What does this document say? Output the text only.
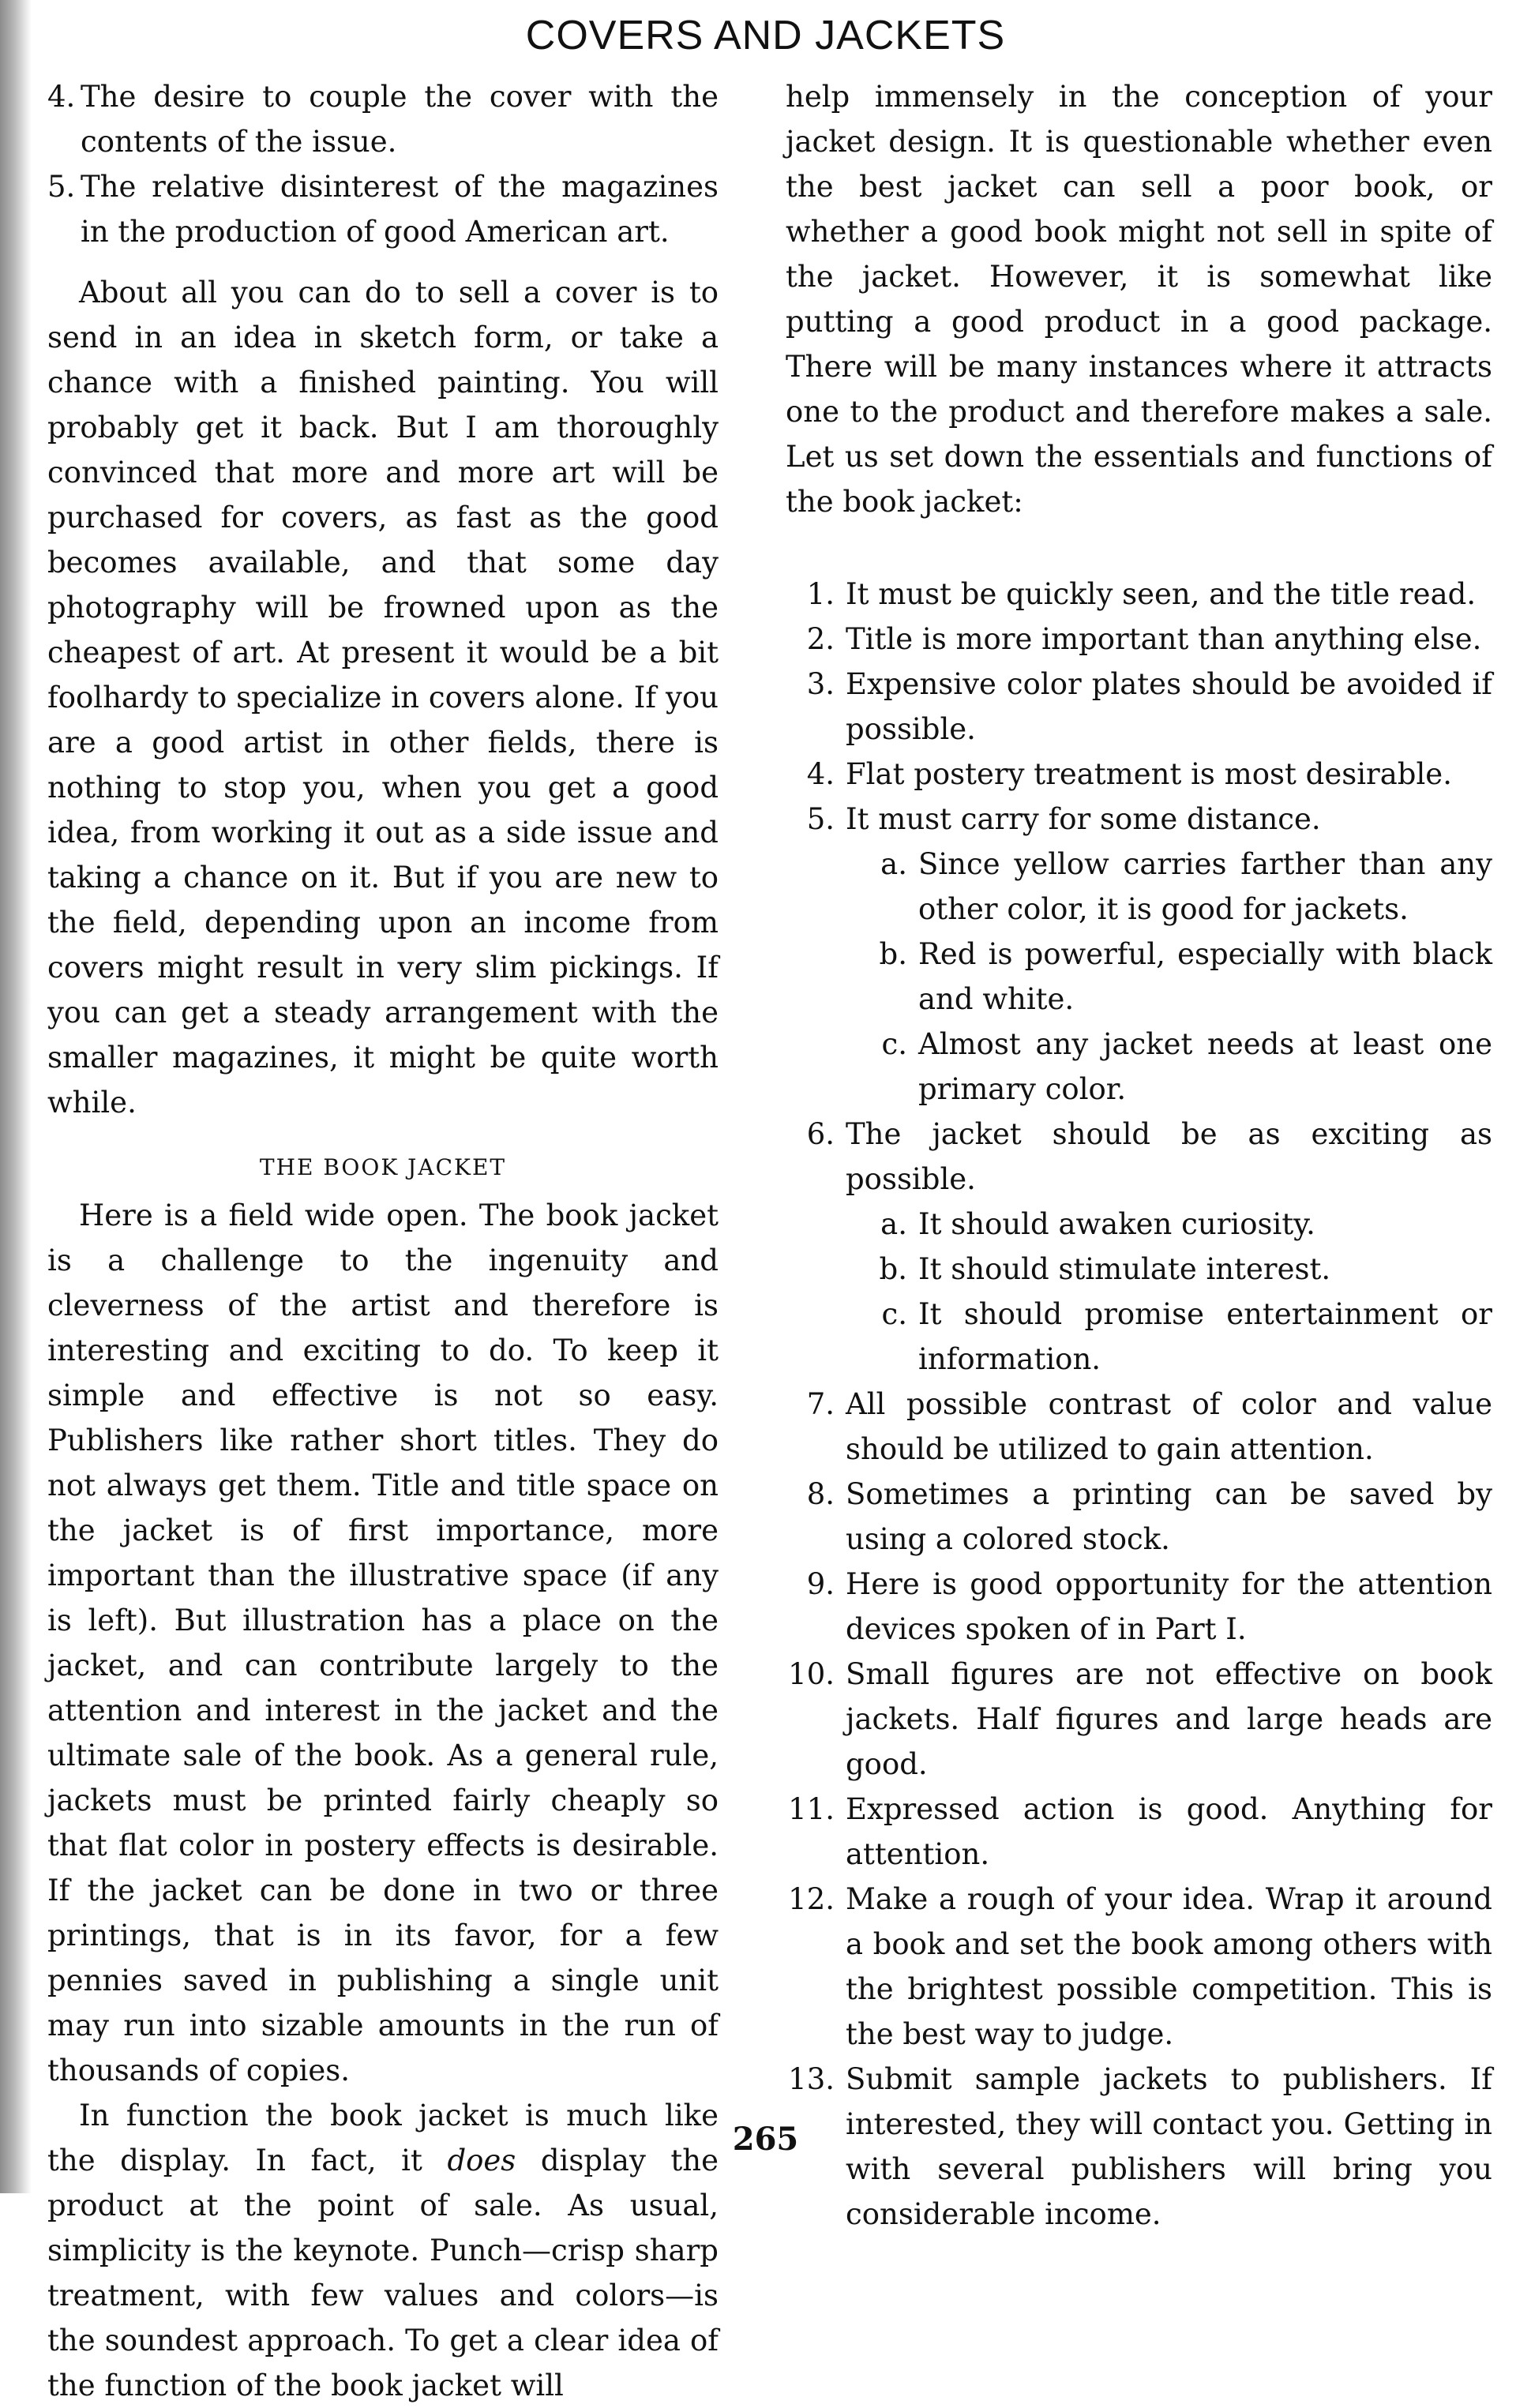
COVERS AND JACKETS
4. The desire to couple the cover with the contents of the issue.
5. The relative disinterest of the magazines in the production of good American art.

About all you can do to sell a cover is to send in an idea in sketch form, or take a chance with a finished painting. You will probably get it back. But I am thoroughly convinced that more and more art will be purchased for covers, as fast as the good becomes available, and that some day photography will be frowned upon as the cheapest of art. At present it would be a bit foolhardy to specialize in covers alone. If you are a good artist in other fields, there is nothing to stop you, when you get a good idea, from working it out as a side issue and taking a chance on it. But if you are new to the field, depending upon an income from covers might result in very slim pickings. If you can get a steady arrangement with the smaller magazines, it might be quite worth while.

THE BOOK JACKET

Here is a field wide open. The book jacket is a challenge to the ingenuity and cleverness of the artist and therefore is interesting and exciting to do. To keep it simple and effective is not so easy. Publishers like rather short titles. They do not always get them. Title and title space on the jacket is of first importance, more important than the illustrative space (if any is left). But illustration has a place on the jacket, and can contribute largely to the attention and interest in the jacket and the ultimate sale of the book. As a general rule, jackets must be printed fairly cheaply so that flat color in postery effects is desirable. If the jacket can be done in two or three printings, that is in its favor, for a few pennies saved in publishing a single unit may run into sizable amounts in the run of thousands of copies.

In function the book jacket is much like the display. In fact, it does display the product at the point of sale. As usual, simplicity is the keynote. Punch—crisp sharp treatment, with few values and colors—is the soundest approach. To get a clear idea of the function of the book jacket will

help immensely in the conception of your jacket design. It is questionable whether even the best jacket can sell a poor book, or whether a good book might not sell in spite of the jacket. However, it is somewhat like putting a good product in a good package. There will be many instances where it attracts one to the product and therefore makes a sale. Let us set down the essentials and functions of the book jacket:

1. It must be quickly seen, and the title read.
2. Title is more important than anything else.
3. Expensive color plates should be avoided if possible.
4. Flat postery treatment is most desirable.
5. It must carry for some distance.
a. Since yellow carries farther than any other color, it is good for jackets.
b. Red is powerful, especially with black and white.
c. Almost any jacket needs at least one primary color.
6. The jacket should be as exciting as possible.
a. It should awaken curiosity.
b. It should stimulate interest.
c. It should promise entertainment or information.
7. All possible contrast of color and value should be utilized to gain attention.
8. Sometimes a printing can be saved by using a colored stock.
9. Here is good opportunity for the attention devices spoken of in Part I.
10. Small figures are not effective on book jackets. Half figures and large heads are good.
11. Expressed action is good. Anything for attention.
12. Make a rough of your idea. Wrap it around a book and set the book among others with the brightest possible competition. This is the best way to judge.
13. Submit sample jackets to publishers. If interested, they will contact you. Getting in with several publishers will bring you considerable income.
265
